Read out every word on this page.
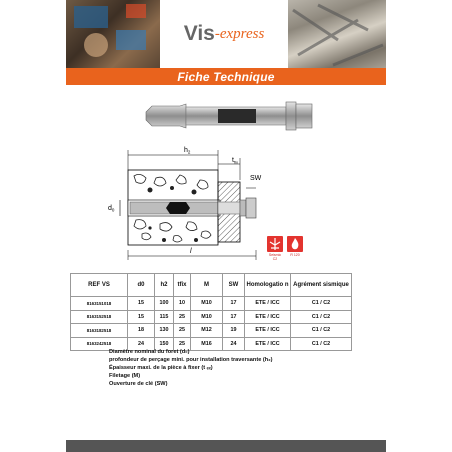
Vis -express
Fiche Technique
$h_2$
$t_{fix}$
SW
$d_0$
l	Seismic C2
R 120
REF VS	d0	h2	tfix	M	SW	Homologatio n	Agrément sismique
8163151018	15	100	10	M10	17	ETE / ICC	C1 / C2
8163152518	15	115	25	M10	17	ETE / ICC	C1 / C2
8163182518	18	130	25	M12	19	ETE / ICC	C1 / C2
8163242518	24	150	25	M16	24	ETE / ICC	C1 / C2
Diamètre nominal du foret (d₀)
profondeur de perçage mini. pour installation traversante (h₂)
Épaisseur maxi. de la pièce à fixer (t ₑₓ)
Filetage (M)
Ouverture de clé (SW)
